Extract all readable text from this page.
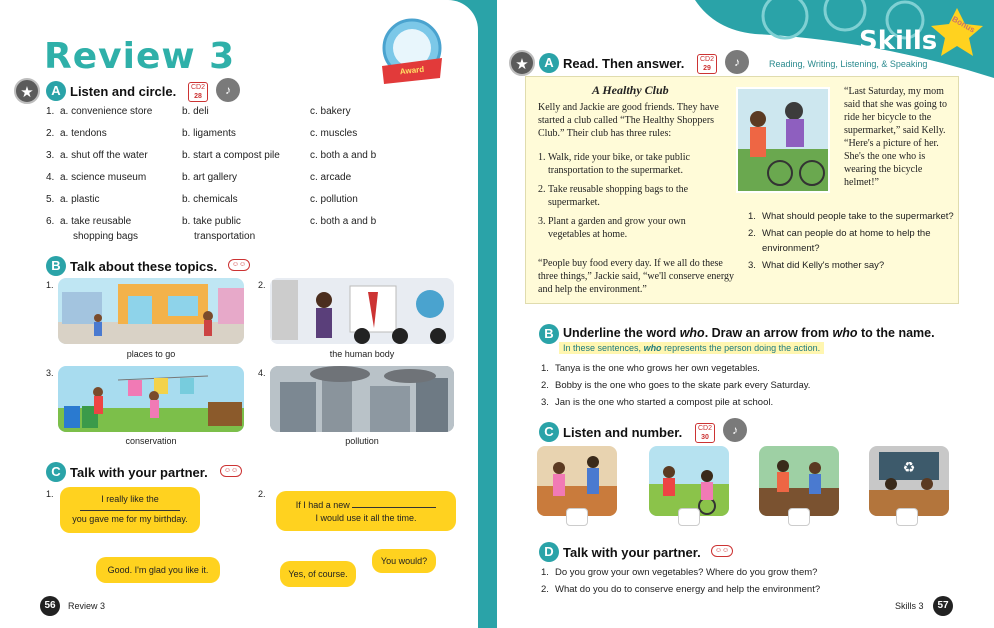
Review 3	Award
★	A Listen and circle. CD2
28	♪
1. a. convenience store	b. deli	c. bakery
2. a. tendons	b. ligaments	c. muscles
3. a. shut off the water	b. start a compost pile	c. both a and b
4. a. science museum	b. art gallery	c. arcade
5. a. plastic	b. chemicals	c. pollution
6. a. take reusable	b. take public	c. both a and b
shopping bags	transportation
B Talk about these topics.	☺☺
1.
places to go
2.
the human body
3.
conservation
4.
pollution
C Talk with your partner.	☺☺
1.	I really like the
you gave me for my birthday.
Good. I'm glad you like it.
2.
If I had a new
I would use it all the time.
You would?
Yes, of course.
56	Review 3
Skills
Bonus
Reading, Writing, Listening, & Speaking
★	A Read. Then answer. CD2
29	♪
A Healthy Club
Kelly and Jackie are good friends. They have started a club called “The Healthy Shoppers Club.” Their club has three rules:
1. Walk, ride your bike, or take public transportation to the supermarket.
2. Take reusable shopping bags to the supermarket.
3. Plant a garden and grow your own vegetables at home.
“People buy food every day. If we all do these three things,” Jackie said, “we'll conserve energy and help the environment.”
“Last Saturday, my mom said that she was going to ride her bicycle to the supermarket,” said Kelly. “Here's a picture of her. She's the one who is wearing the bicycle helmet!”
1. What should people take to the supermarket?
2. What can people do at home to help the environment?
3. What did Kelly's mother say?
B Underline the word who. Draw an arrow from who to the name.
In these sentences, who represents the person doing the action.
1. Tanya is the one who grows her own vegetables.
2. Bobby is the one who goes to the skate park every Saturday.
3. Jan is the one who started a compost pile at school.
C Listen and number. CD2
30
♪
♻
D Talk with your partner.	☺☺
1. Do you grow your own vegetables? Where do you grow them?
2. What do you do to conserve energy and help the environment?
Skills 3	57
